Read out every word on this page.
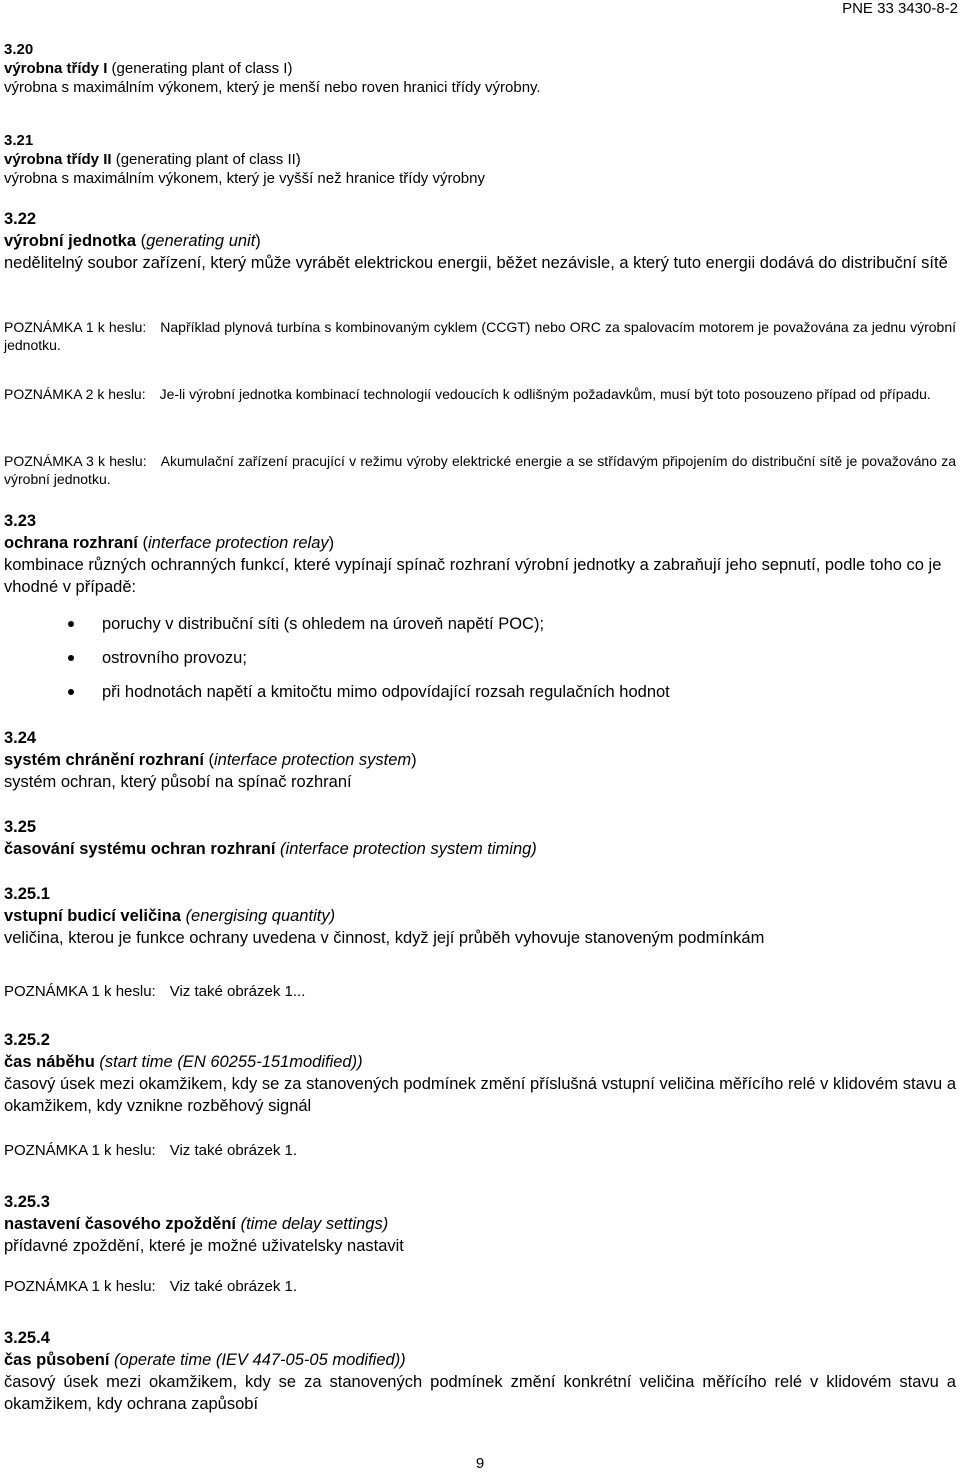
PNE 33 3430-8-2
3.20
výrobna třídy I (generating plant of class I)
výrobna s maximálním výkonem, který je menší nebo roven hranici třídy výrobny.
3.21
výrobna třídy II (generating plant of class II)
výrobna s maximálním výkonem, který je vyšší než hranice třídy výrobny
3.22
výrobní jednotka (generating unit)
nedělitelný soubor zařízení, který může vyrábět elektrickou energii, běžet nezávisle, a který tuto energii dodává do distribuční sítě
POZNÁMKA 1 k heslu: Například plynová turbína s kombinovaným cyklem (CCGT) nebo ORC za spalovacím motorem je považována za jednu výrobní jednotku.
POZNÁMKA 2 k heslu: Je-li výrobní jednotka kombinací technologií vedoucích k odlišným požadavkům, musí být toto posouzeno případ od případu.
POZNÁMKA 3 k heslu: Akumulační zařízení pracující v režimu výroby elektrické energie a se střídavým připojením do distribuční sítě je považováno za výrobní jednotku.
3.23
ochrana rozhraní (interface protection relay)
kombinace různých ochranných funkcí, které vypínají spínač rozhraní výrobní jednotky a zabraňují jeho sepnutí, podle toho co je vhodné v případě:
poruchy v distribuční síti (s ohledem na úroveň napětí POC);
ostrovního provozu;
při hodnotách napětí a kmitočtu mimo odpovídající rozsah regulačních hodnot
3.24
systém chránění rozhraní (interface protection system)
systém ochran, který působí na spínač rozhraní
3.25
časování systému ochran rozhraní (interface protection system timing)
3.25.1
vstupní budicí veličina (energising quantity)
veličina, kterou je funkce ochrany uvedena v činnost, když její průběh vyhovuje stanoveným podmínkám
POZNÁMKA 1 k heslu: Viz také obrázek 1...
3.25.2
čas náběhu (start time (EN 60255-151modified))
časový úsek mezi okamžikem, kdy se za stanovených podmínek změní příslušná vstupní veličina měřícího relé v klidovém stavu a okamžikem, kdy vznikne rozběhový signál
POZNÁMKA 1 k heslu: Viz také obrázek 1.
3.25.3
nastavení časového zpoždění (time delay settings)
přídavné zpoždění, které je možné uživatelsky nastavit
POZNÁMKA 1 k heslu: Viz také obrázek 1.
3.25.4
čas působení (operate time (IEV 447-05-05 modified))
časový úsek mezi okamžikem, kdy se za stanovených podmínek změní konkrétní veličina měřícího relé v klidovém stavu a okamžikem, kdy ochrana zapůsobí
9
